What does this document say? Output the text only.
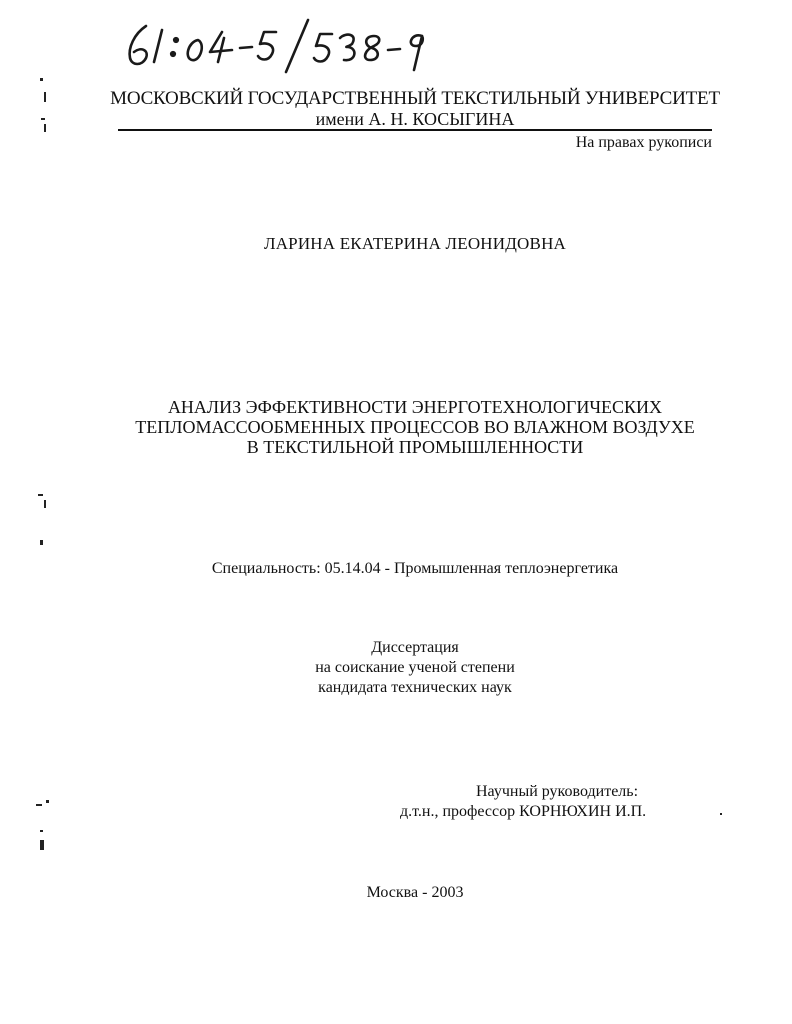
МОСКОВСКИЙ ГОСУДАРСТВЕННЫЙ ТЕКСТИЛЬНЫЙ УНИВЕРСИТЕТ
имени А. Н. КОСЫГИНА
На правах рукописи
ЛАРИНА ЕКАТЕРИНА ЛЕОНИДОВНА
АНАЛИЗ ЭФФЕКТИВНОСТИ ЭНЕРГОТЕХНОЛОГИЧЕСКИХ
ТЕПЛОМАССООБМЕННЫХ ПРОЦЕССОВ ВО ВЛАЖНОМ ВОЗДУХЕ
В ТЕКСТИЛЬНОЙ ПРОМЫШЛЕННОСТИ
Специальность: 05.14.04 - Промышленная теплоэнергетика
Диссертация
на соискание ученой степени
кандидата технических наук
Научный руководитель:
д.т.н., профессор КОРНЮХИН И.П.
Москва - 2003
